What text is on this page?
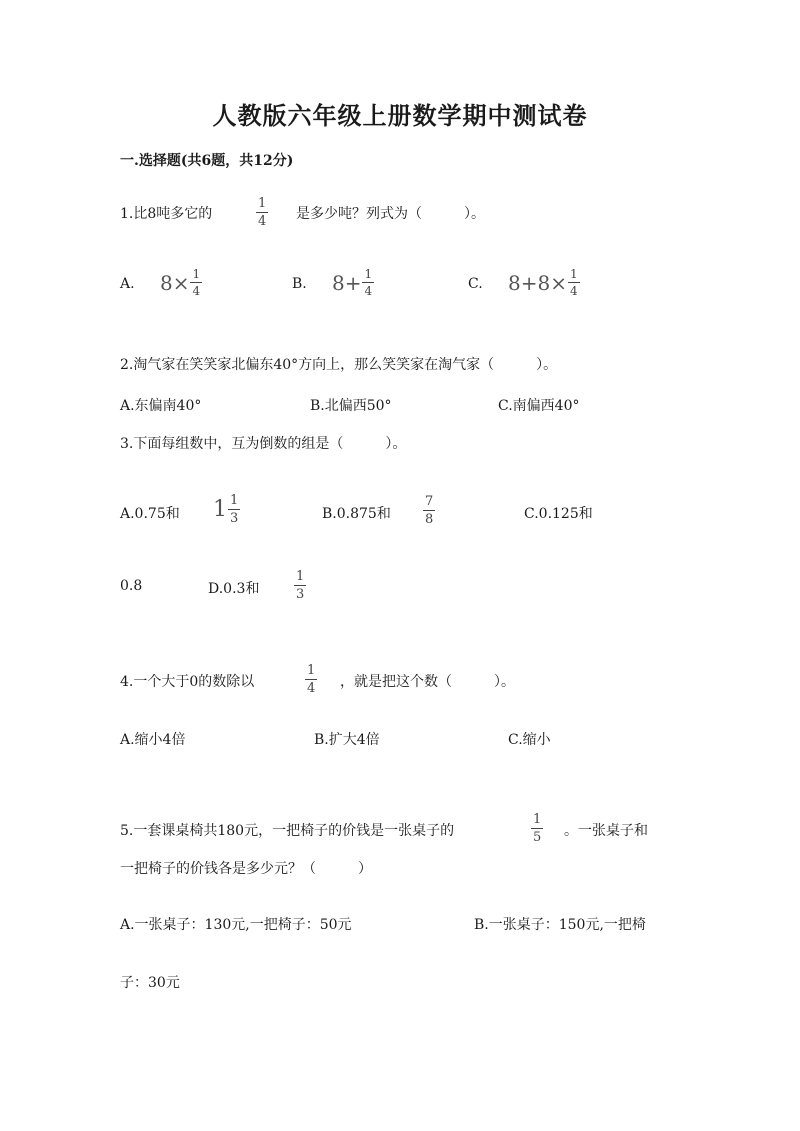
人教版六年级上册数学期中测试卷
一.选择题(共6题，共12分)
1.比8吨多它的
1
4 是多少吨？列式为（　　　）。
A. $8\times \frac{1}{4}$	B. $8+ \frac{1}{4}$	C. $8+8\times \frac{1}{4}$
2.淘气家在笑笑家北偏东40°方向上，那么笑笑家在淘气家（　　　）。
A.东偏南40°	B.北偏西50°	C.南偏西40°
3.下面每组数中，互为倒数的组是（　　　）。
A.0.75和 $1 \frac{1}{3}$	B.0.875和
7
8	C.0.125和
0.8	D.0.3和
1
3
4.一个大于0的数除以
1
4 ，就是把这个数（　　　）。
A.缩小4倍	B.扩大4倍	C.缩小
5.一套课桌椅共180元，一把椅子的价钱是一张桌子的
1
5 。一张桌子和
一把椅子的价钱各是多少元？（　　　）
A.一张桌子：130元,一把椅子：50元	B.一张桌子：150元,一把椅
子：30元
